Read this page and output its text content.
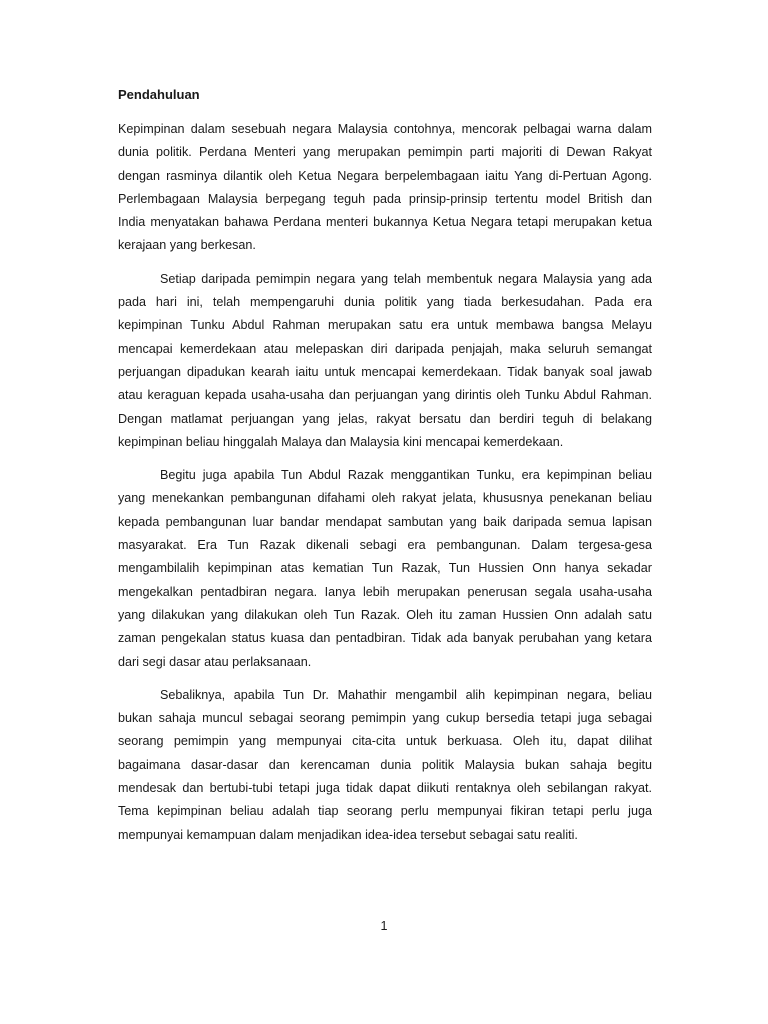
Pendahuluan
Kepimpinan dalam sesebuah negara Malaysia contohnya, mencorak pelbagai warna dalam
dunia politik. Perdana Menteri yang merupakan pemimpin parti majoriti di Dewan Rakyat
dengan rasminya dilantik oleh Ketua Negara berpelembagaan iaitu Yang di-Pertuan Agong.
Perlembagaan Malaysia berpegang teguh pada prinsip-prinsip tertentu model British dan
India menyatakan bahawa Perdana menteri bukannya Ketua Negara tetapi merupakan ketua
kerajaan yang berkesan.
Setiap daripada pemimpin negara yang telah membentuk negara Malaysia yang ada
pada hari ini, telah mempengaruhi dunia politik yang tiada berkesudahan. Pada era
kepimpinan Tunku Abdul Rahman merupakan satu era untuk membawa bangsa Melayu
mencapai kemerdekaan atau melepaskan diri daripada penjajah, maka seluruh semangat
perjuangan dipadukan kearah iaitu untuk mencapai kemerdekaan. Tidak banyak soal jawab
atau keraguan kepada usaha-usaha dan perjuangan yang dirintis oleh Tunku Abdul Rahman.
Dengan matlamat perjuangan yang jelas, rakyat bersatu dan berdiri teguh di belakang
kepimpinan beliau hinggalah Malaya dan Malaysia kini mencapai kemerdekaan.
Begitu juga apabila Tun Abdul Razak menggantikan Tunku, era kepimpinan beliau
yang menekankan pembangunan difahami oleh rakyat jelata, khususnya penekanan beliau
kepada pembangunan luar bandar mendapat sambutan yang baik daripada semua lapisan
masyarakat. Era Tun Razak dikenali sebagi era pembangunan. Dalam tergesa-gesa
mengambilalih kepimpinan atas kematian Tun Razak, Tun Hussien Onn hanya sekadar
mengekalkan pentadbiran negara. Ianya lebih merupakan penerusan segala usaha-usaha
yang dilakukan yang dilakukan oleh Tun Razak. Oleh itu zaman Hussien Onn adalah satu
zaman pengekalan status kuasa dan pentadbiran. Tidak ada banyak perubahan yang ketara
dari segi dasar atau perlaksanaan.
Sebaliknya, apabila Tun Dr. Mahathir mengambil alih kepimpinan negara, beliau
bukan sahaja muncul sebagai seorang pemimpin yang cukup bersedia tetapi juga sebagai
seorang pemimpin yang mempunyai cita-cita untuk berkuasa. Oleh itu, dapat dilihat
bagaimana dasar-dasar dan kerencaman dunia politik Malaysia bukan sahaja begitu
mendesak dan bertubi-tubi tetapi juga tidak dapat diikuti rentaknya oleh sebilangan rakyat.
Tema kepimpinan beliau adalah tiap seorang perlu mempunyai fikiran tetapi perlu juga
mempunyai kemampuan dalam menjadikan idea-idea tersebut sebagai satu realiti.
1
